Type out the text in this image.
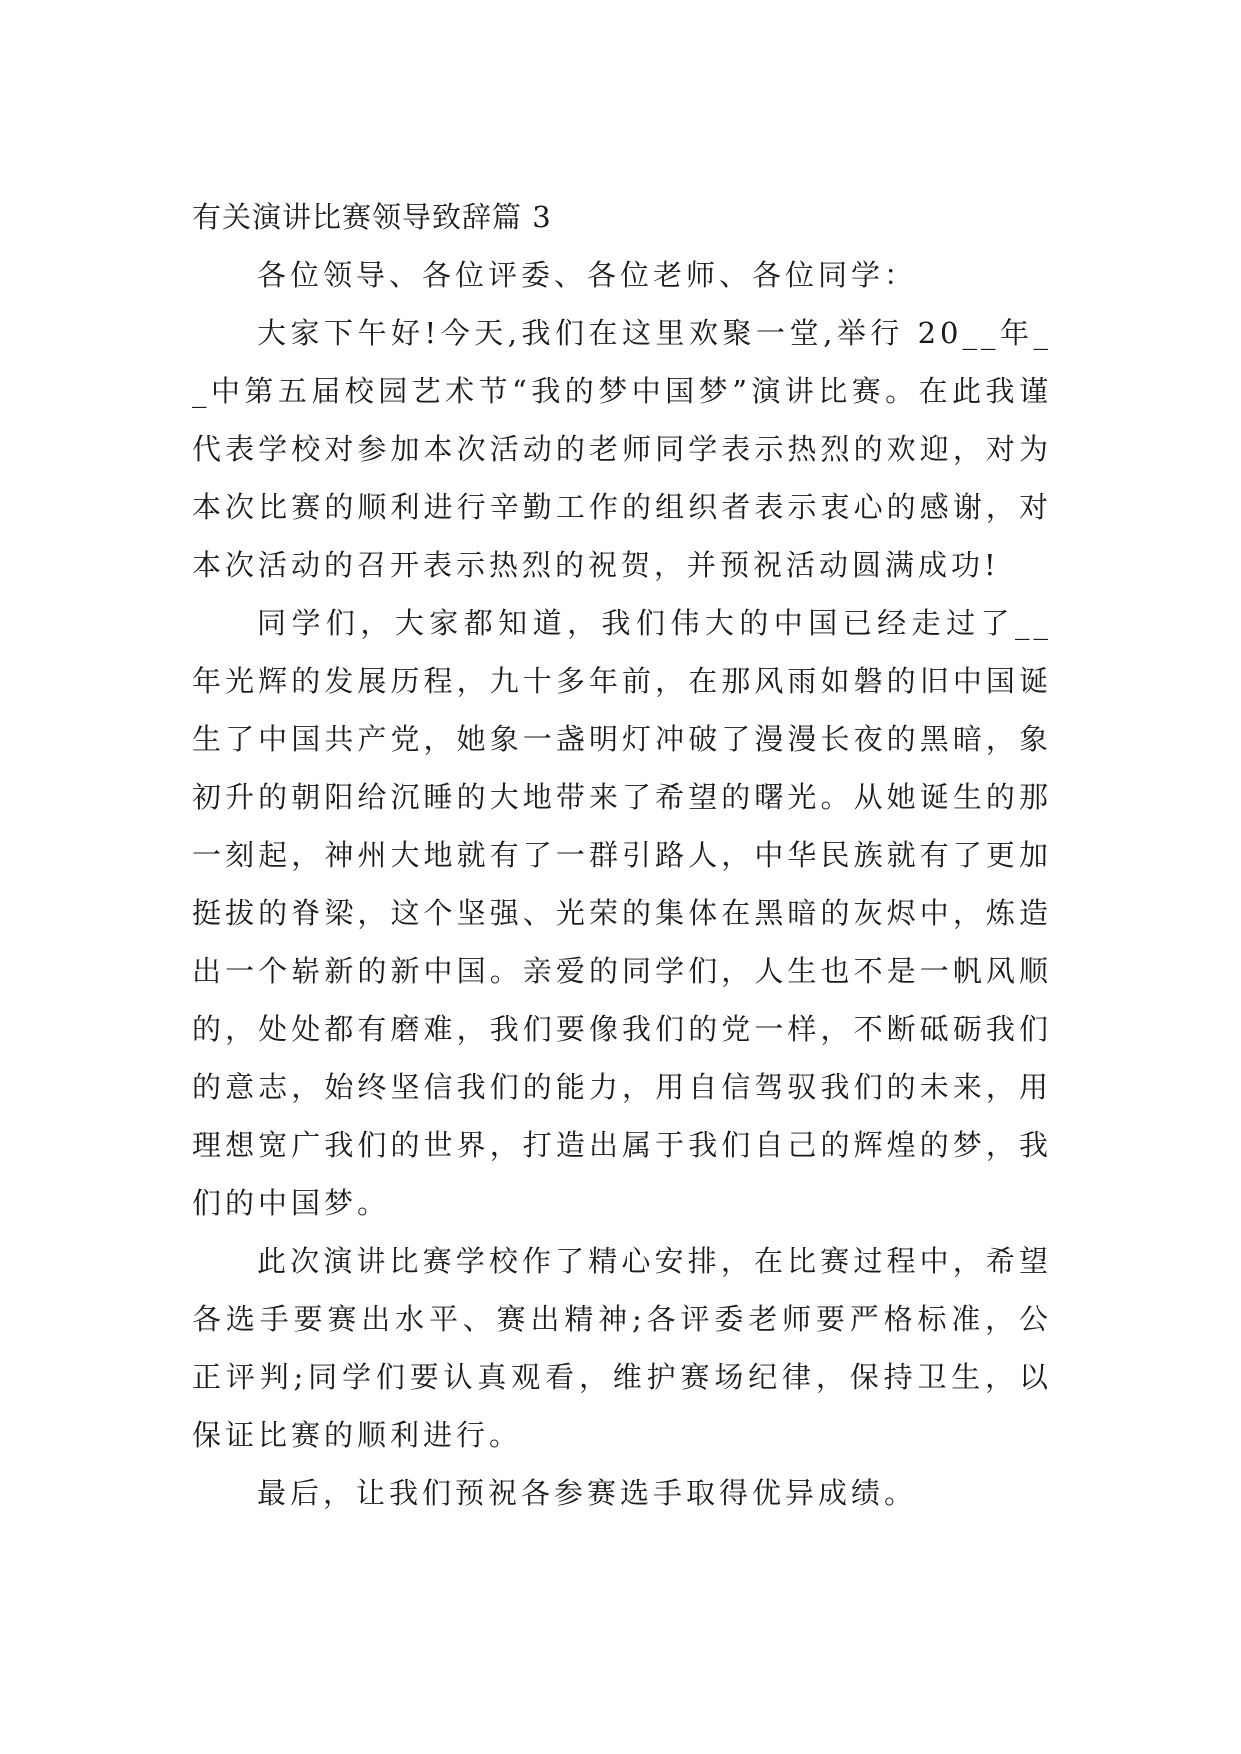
有关演讲比赛领导致辞篇 3

各位领导、各位评委、各位老师、各位同学：

大家下午好!今天,我们在这里欢聚一堂,举行 20__年__中第五届校园艺术节“我的梦中国梦”演讲比赛。在此我谨代表学校对参加本次活动的老师同学表示热烈的欢迎，对为本次比赛的顺利进行辛勤工作的组织者表示衷心的感谢，对本次活动的召开表示热烈的祝贺，并预祝活动圆满成功!

同学们，大家都知道，我们伟大的中国已经走过了__年光辉的发展历程，九十多年前，在那风雨如磐的旧中国诞生了中国共产党，她象一盏明灯冲破了漫漫长夜的黑暗，象初升的朝阳给沉睡的大地带来了希望的曙光。从她诞生的那一刻起，神州大地就有了一群引路人，中华民族就有了更加挺拔的脊梁，这个坚强、光荣的集体在黑暗的灰烬中，炼造出一个崭新的新中国。亲爱的同学们，人生也不是一帆风顺的，处处都有磨难，我们要像我们的党一样，不断砥砺我们的意志，始终坚信我们的能力，用自信驾驭我们的未来，用理想宽广我们的世界，打造出属于我们自己的辉煌的梦，我们的中国梦。

此次演讲比赛学校作了精心安排，在比赛过程中，希望各选手要赛出水平、赛出精神;各评委老师要严格标准，公正评判;同学们要认真观看，维护赛场纪律，保持卫生，以保证比赛的顺利进行。

最后，让我们预祝各参赛选手取得优异成绩。
